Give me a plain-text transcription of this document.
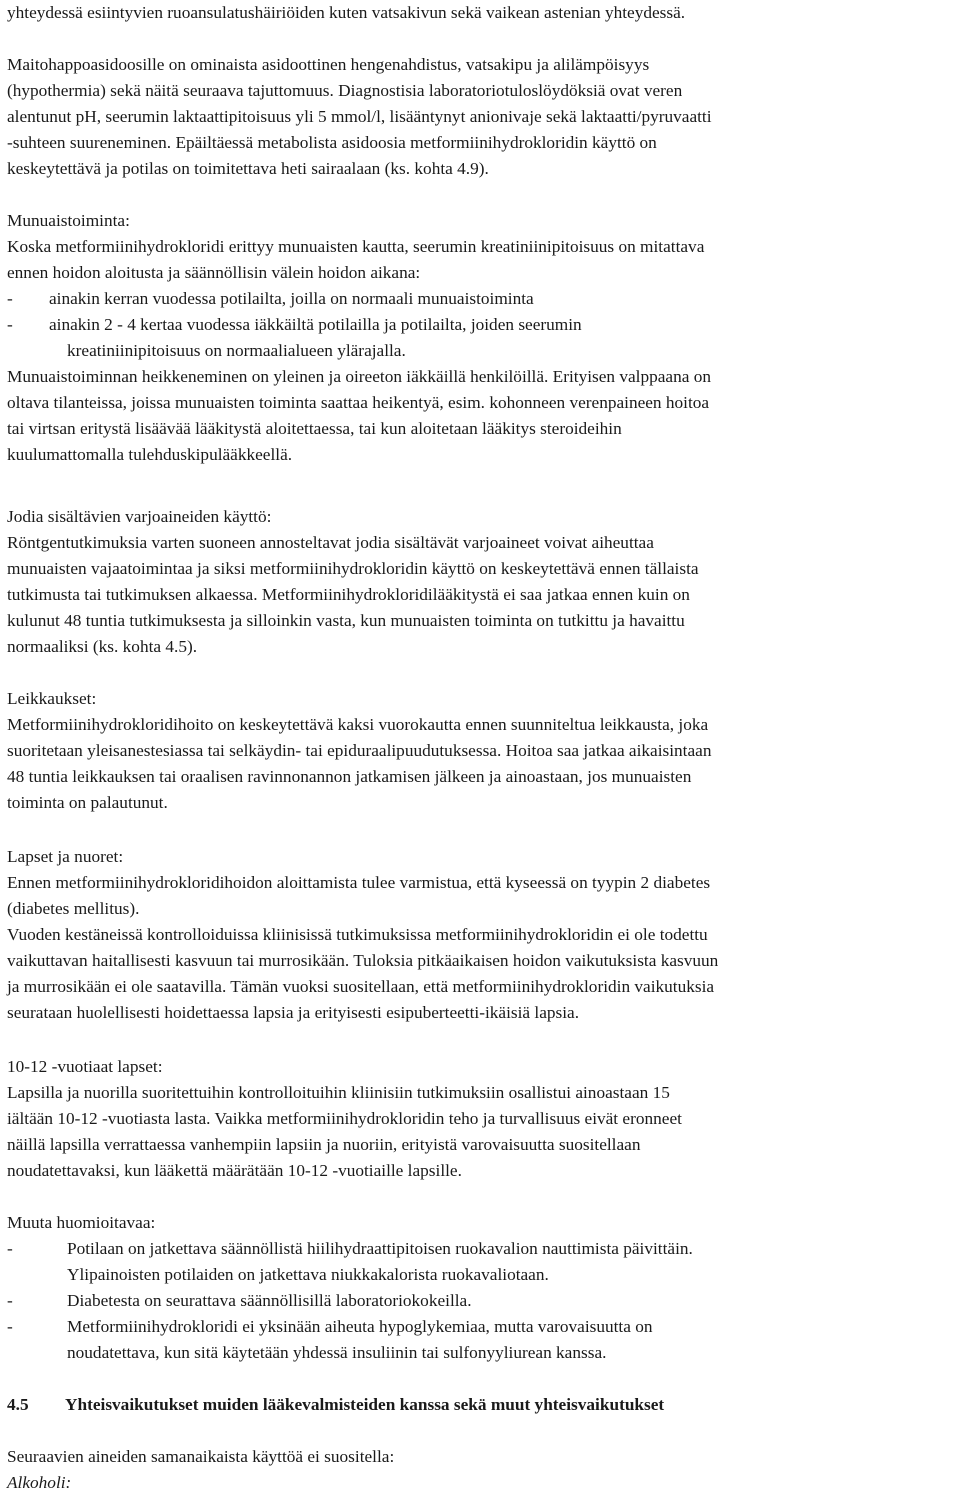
yhteydessä esiintyvien ruoansulatushäiriöiden kuten vatsakivun sekä vaikean astenian yhteydessä.
Maitohappoasidoosille on ominaista asidoottinen hengenahdistus, vatsakipu ja alilämpöisyys
(hypothermia) sekä näitä seuraava tajuttomuus. Diagnostisia laboratoriotuloslöydöksiä ovat veren
alentunut pH, seerumin laktaattipitoisuus yli 5 mmol/l, lisääntynyt anionivaje sekä laktaatti/pyruvaatti
-suhteen suureneminen. Epäiltäessä metabolista asidoosia metformiinihydrokloridin käyttö on
keskeytettävä ja potilas on toimitettava heti sairaalaan (ks. kohta 4.9).
Munuaistoiminta:
Koska metformiinihydrokloridi erittyy munuaisten kautta, seerumin kreatiniinipitoisuus on mitattava
ennen hoidon aloitusta ja säännöllisin välein hoidon aikana:
- ainakin kerran vuodessa potilailta, joilla on normaali munuaistoiminta
- ainakin 2 - 4 kertaa vuodessa iäkkäiltä potilailla ja potilailta, joiden seerumin
kreatiniinipitoisuus on normaalialueen ylärajalla.
Munuaistoiminnan heikkeneminen on yleinen ja oireeton iäkkäillä henkilöillä. Erityisen valppaana on
oltava tilanteissa, joissa munuaisten toiminta saattaa heikentyä, esim. kohonneen verenpaineen hoitoa
tai virtsan eritystä lisäävää lääkitystä aloitettaessa, tai kun aloitetaan lääkitys steroideihin
kuulumattomalla tulehduskipulääkkeellä.
Jodia sisältävien varjoaineiden käyttö:
Röntgentutkimuksia varten suoneen annosteltavat jodia sisältävät varjoaineet voivat aiheuttaa
munuaisten vajaatoimintaa ja siksi metformiinihydrokloridin käyttö on keskeytettävä ennen tällaista
tutkimusta tai tutkimuksen alkaessa. Metformiinihydrokloridilääkitystä ei saa jatkaa ennen kuin on
kulunut 48 tuntia tutkimuksesta ja silloinkin vasta, kun munuaisten toiminta on tutkittu ja havaittu
normaaliksi (ks. kohta 4.5).
Leikkaukset:
Metformiinihydrokloridihoito on keskeytettävä kaksi vuorokautta ennen suunniteltua leikkausta, joka
suoritetaan yleisanestesiassa tai selkäydin- tai epiduraalipuudutuksessa. Hoitoa saa jatkaa aikaisintaan
48 tuntia leikkauksen tai oraalisen ravinnonannon jatkamisen jälkeen ja ainoastaan, jos munuaisten
toiminta on palautunut.
Lapset ja nuoret:
Ennen metformiinihydrokloridihoidon aloittamista tulee varmistua, että kyseessä on tyypin 2 diabetes
(diabetes mellitus).
Vuoden kestäneissä kontrolloiduissa kliinisissä tutkimuksissa metformiinihydrokloridin ei ole todettu
vaikuttavan haitallisesti kasvuun tai murrosikään. Tuloksia pitkäaikaisen hoidon vaikutuksista kasvuun
ja murrosikään ei ole saatavilla. Tämän vuoksi suositellaan, että metformiinihydrokloridin vaikutuksia
seurataan huolellisesti hoidettaessa lapsia ja erityisesti esipuberteetti-ikäisiä lapsia.
10-12 -vuotiaat lapset:
Lapsilla ja nuorilla suoritettuihin kontrolloituihin kliinisiin tutkimuksiin osallistui ainoastaan 15
iältään 10-12 -vuotiasta lasta. Vaikka metformiinihydrokloridin teho ja turvallisuus eivät eronneet
näillä lapsilla verrattaessa vanhempiin lapsiin ja nuoriin, erityistä varovaisuutta suositellaan
noudatettavaksi, kun lääkettä määrätään 10-12 -vuotiaille lapsille.
Muuta huomioitavaa:
-	Potilaan on jatkettava säännöllistä hiilihydraattipitoisen ruokavalion nauttimista päivittäin.
Ylipainoisten potilaiden on jatkettava niukkakalorista ruokavaliotaan.
-	Diabetesta on seurattava säännöllisillä laboratoriokokeilla.
-	Metformiinihydrokloridi ei yksinään aiheuta hypoglykemiaa, mutta varovaisuutta on
noudatettava, kun sitä käytetään yhdessä insuliinin tai sulfonyyliurean kanssa.
4.5 Yhteisvaikutukset muiden lääkevalmisteiden kanssa sekä muut yhteisvaikutukset
Seuraavien aineiden samanaikaista käyttöä ei suositella:
Alkoholi:
